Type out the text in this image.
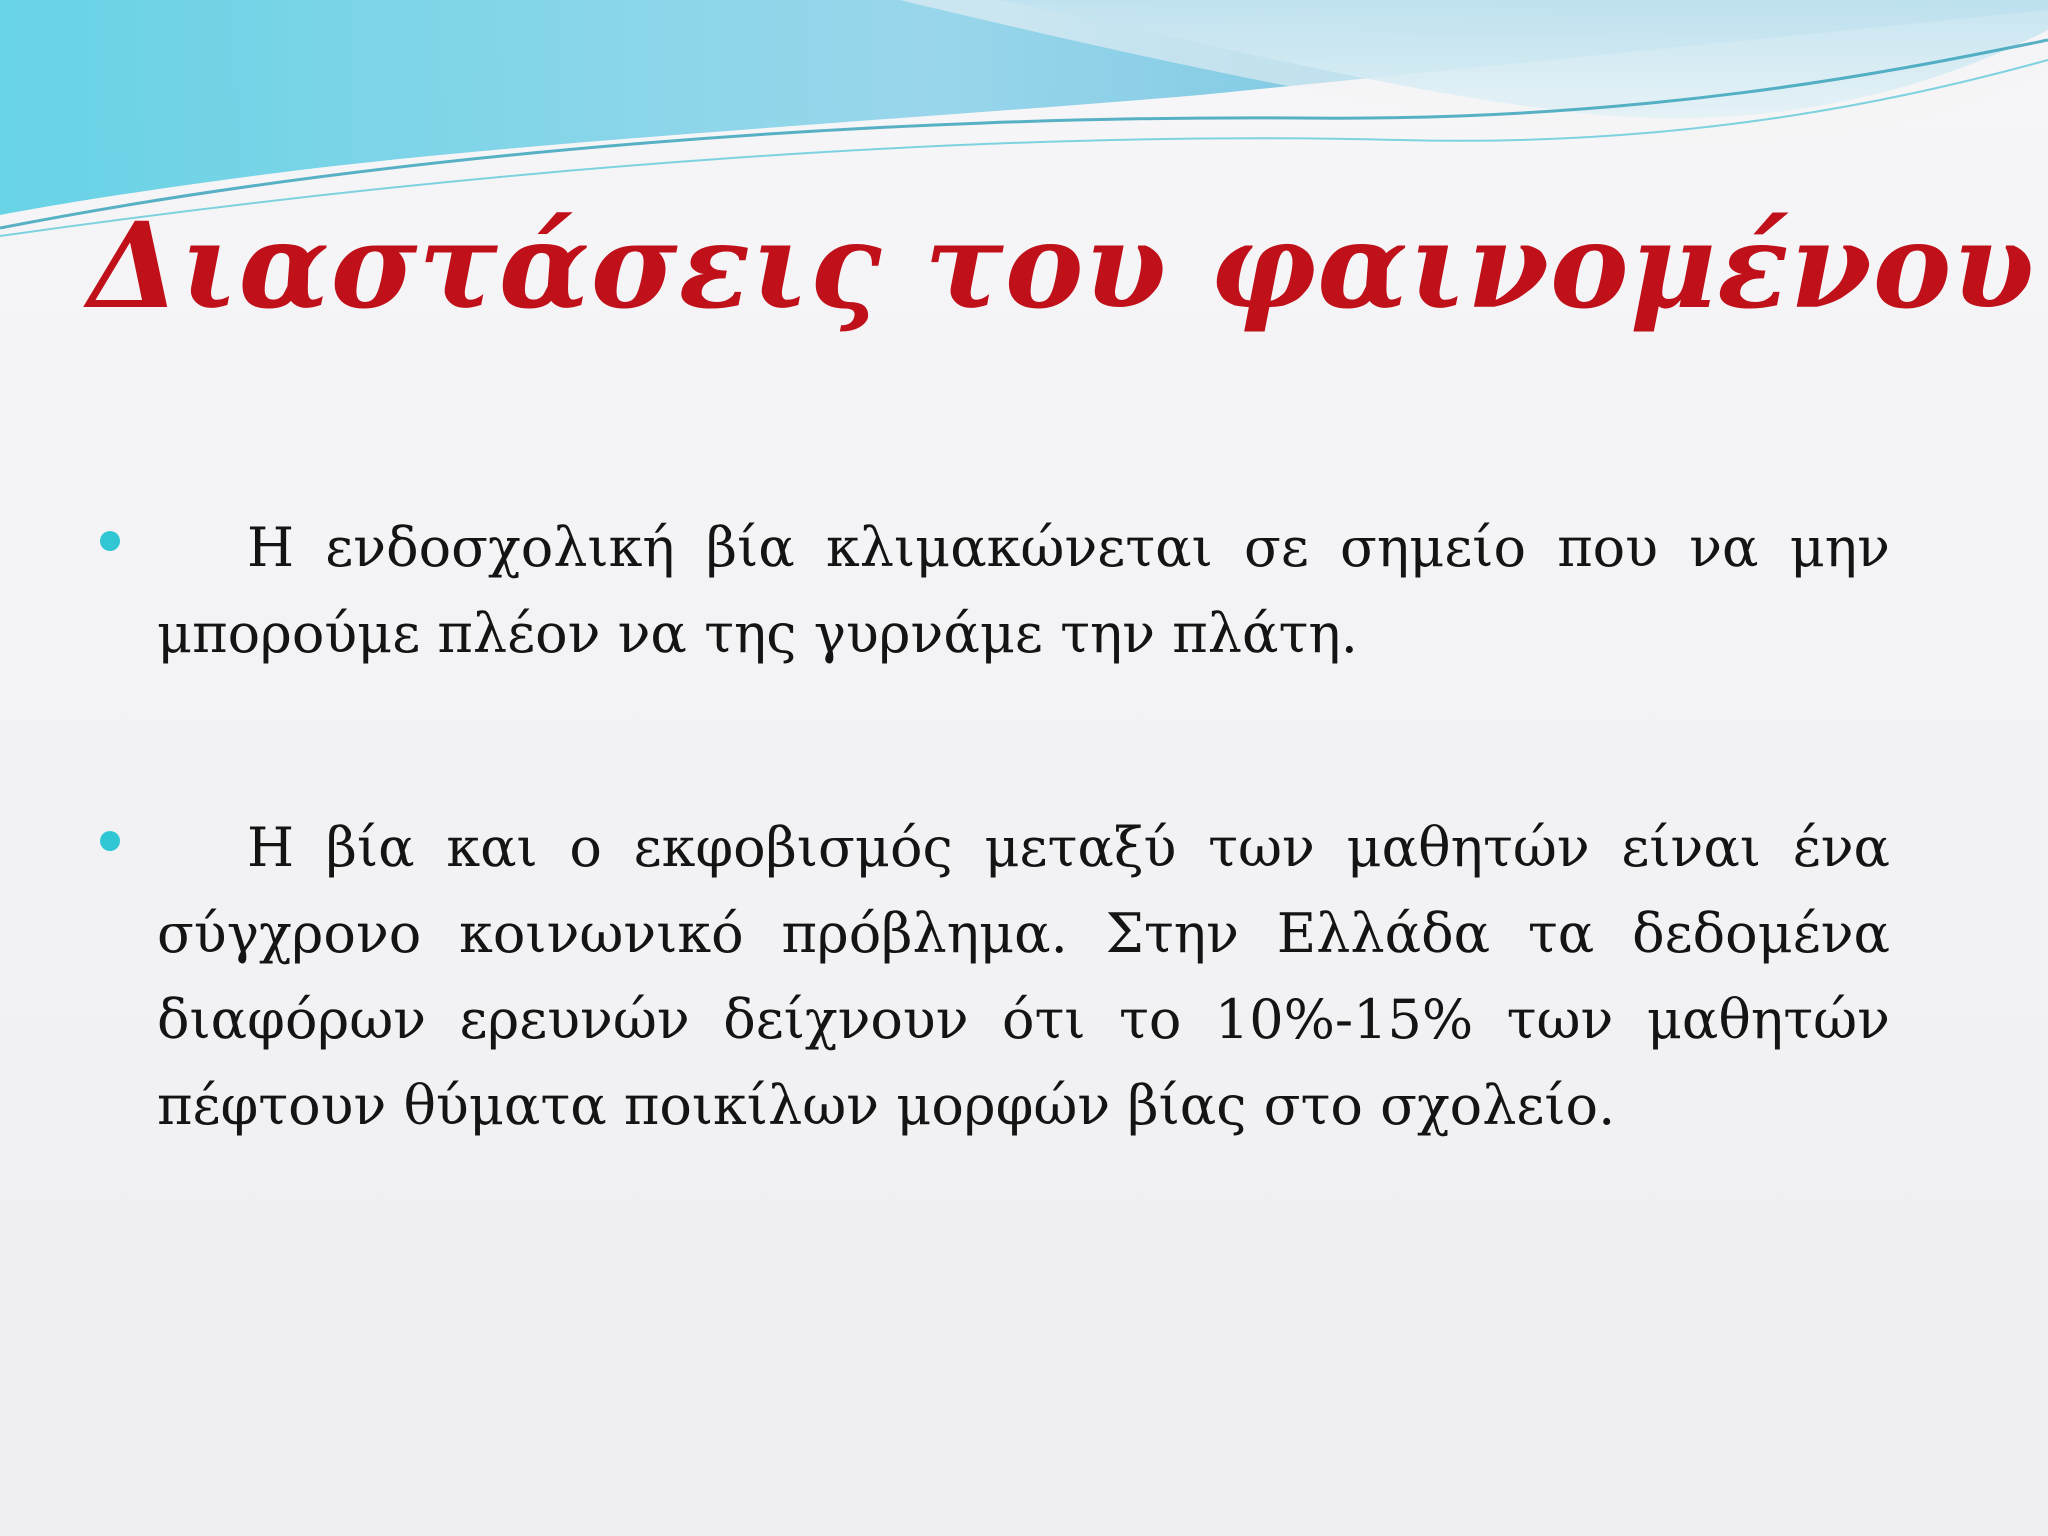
Διαστάσεις του φαινομένου
Η ενδοσχολική βία κλιμακώνεται σε σημείο που να μην μπορούμε πλέον να της γυρνάμε την πλάτη.
Η βία και ο εκφοβισμός μεταξύ των μαθητών είναι ένα σύγχρονο κοινωνικό πρόβλημα. Στην Ελλάδα τα δεδομένα διαφόρων ερευνών δείχνουν ότι το 10%-15% των μαθητών πέφτουν θύματα ποικίλων μορφών βίας στο σχολείο.
